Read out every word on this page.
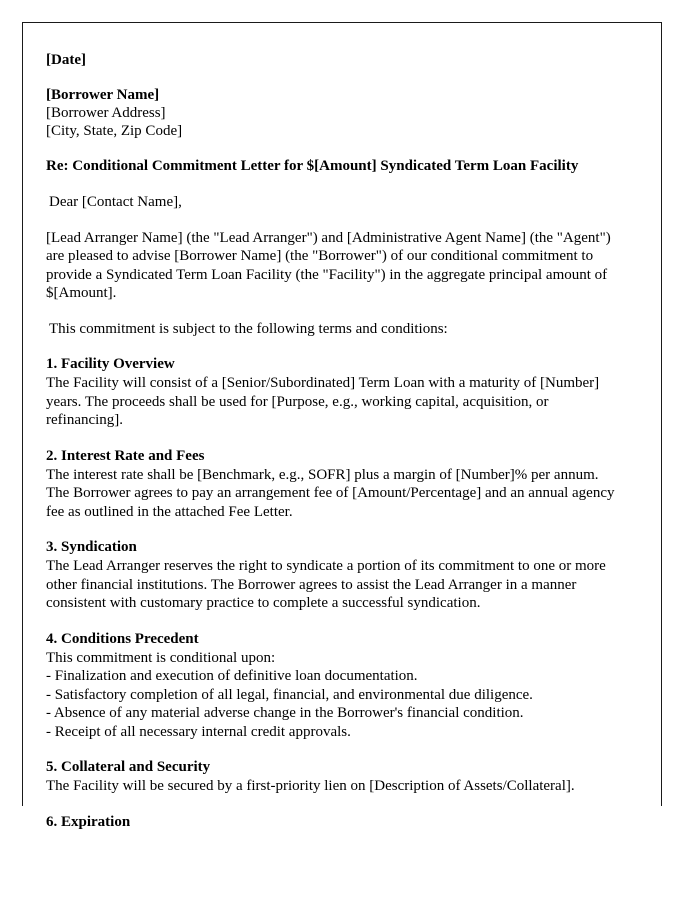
[Date]
[Borrower Name]
[Borrower Address]
[City, State, Zip Code]
Re: Conditional Commitment Letter for $[Amount] Syndicated Term Loan Facility
Dear [Contact Name],
[Lead Arranger Name] (the "Lead Arranger") and [Administrative Agent Name] (the "Agent") are pleased to advise [Borrower Name] (the "Borrower") of our conditional commitment to provide a Syndicated Term Loan Facility (the "Facility") in the aggregate principal amount of $[Amount].
This commitment is subject to the following terms and conditions:
1. Facility Overview
The Facility will consist of a [Senior/Subordinated] Term Loan with a maturity of [Number] years. The proceeds shall be used for [Purpose, e.g., working capital, acquisition, or refinancing].
2. Interest Rate and Fees
The interest rate shall be [Benchmark, e.g., SOFR] plus a margin of [Number]% per annum. The Borrower agrees to pay an arrangement fee of [Amount/Percentage] and an annual agency fee as outlined in the attached Fee Letter.
3. Syndication
The Lead Arranger reserves the right to syndicate a portion of its commitment to one or more other financial institutions. The Borrower agrees to assist the Lead Arranger in a manner consistent with customary practice to complete a successful syndication.
4. Conditions Precedent
This commitment is conditional upon:
- Finalization and execution of definitive loan documentation.
- Satisfactory completion of all legal, financial, and environmental due diligence.
- Absence of any material adverse change in the Borrower's financial condition.
- Receipt of all necessary internal credit approvals.
5. Collateral and Security
The Facility will be secured by a first-priority lien on [Description of Assets/Collateral].
6. Expiration
